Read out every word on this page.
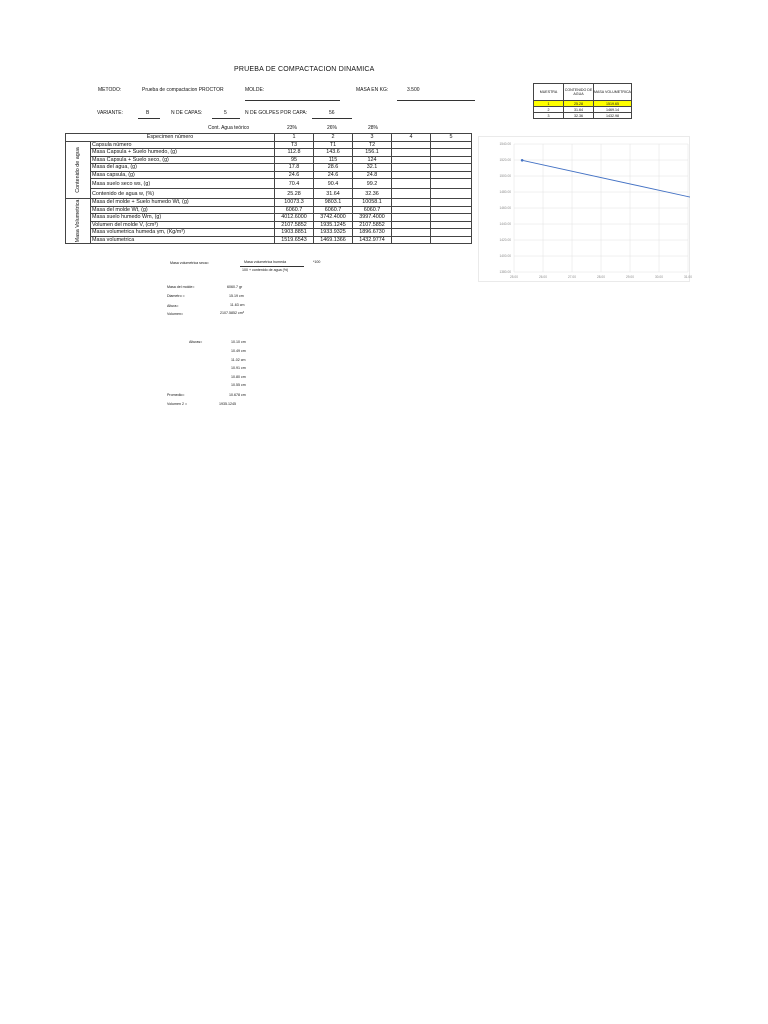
PRUEBA DE COMPACTACION DINAMICA
METODO:	Prueba de compactacion PROCTOR	MOLDE:	MASA EN KG:	3.500
VARIANTE:	B	N DE CAPAS:	5	N DE GOLPES POR CAPA:	56
Cont. Agua teórico	23%	26%	28%
Especimen número		1	2	3	4	5

Contenido de agua	Capsula número	T3	T1	T2		
	Masa Capsula + Suelo humedo, (g)	112.8	143.6	156.1		
	Masa Capsula + Suelo seco, (g)	95	115	124		
	Masa del agua, (g)	17.8	28.6	32.1		
	Masa capsula, (g)	24.6	24.6	24.8		
	Masa suelo seco ws, (g)	70.4	90.4	99.2		
	Contenido de agua w, (%)	25.28	31.64	32.36		

Masa Volumetrica	Masa del molde + Suelo humedo Wt, (g)	10073.3	9803.1	10058.1		
	Masa del molde Wt, (g)	6060.7	6060.7	6060.7		
	Masa suelo humedo Wm, (g)	4012.6000	3742.4000	3997.4000		
	Volumen del molde V, (cm³)	2107.5852	1935.1245	2107.5852		
	Masa volumetrica humeda γm, (Kg/m³)	1903.8851	1933.9325	1896.6730		
	Masa volumetrica	1519.6543	1469.1366	1432.9774		
MUESTRA	CONTENIDO DE AGUA	MASA VOLUMETRICA
1	25.28	1519.65
2	31.64	1469.14
3	32.36	1432.98
1380.00
1400.00
1420.00
1440.00
1460.00
1480.00
1500.00
1520.00
1540.00
25.00	26.00	27.00	28.00	29.00	30.00	31.00
Masa volumetrica seca=	Masa volumetrica humeda
100 + contenido de agua (%)
*100
Masa del molde=	6060.7 gr
Diametro =	15.19 cm
Altura=	11.63 cm
Volumen=	2107.5852 cm³
Alturas=	10.10 cm
10.49 cm
11.02 cm
10.91 cm
10.80 cm
10.55 cm
Promedio=	10.678 cm
Volumen 2 =	1935.1245
